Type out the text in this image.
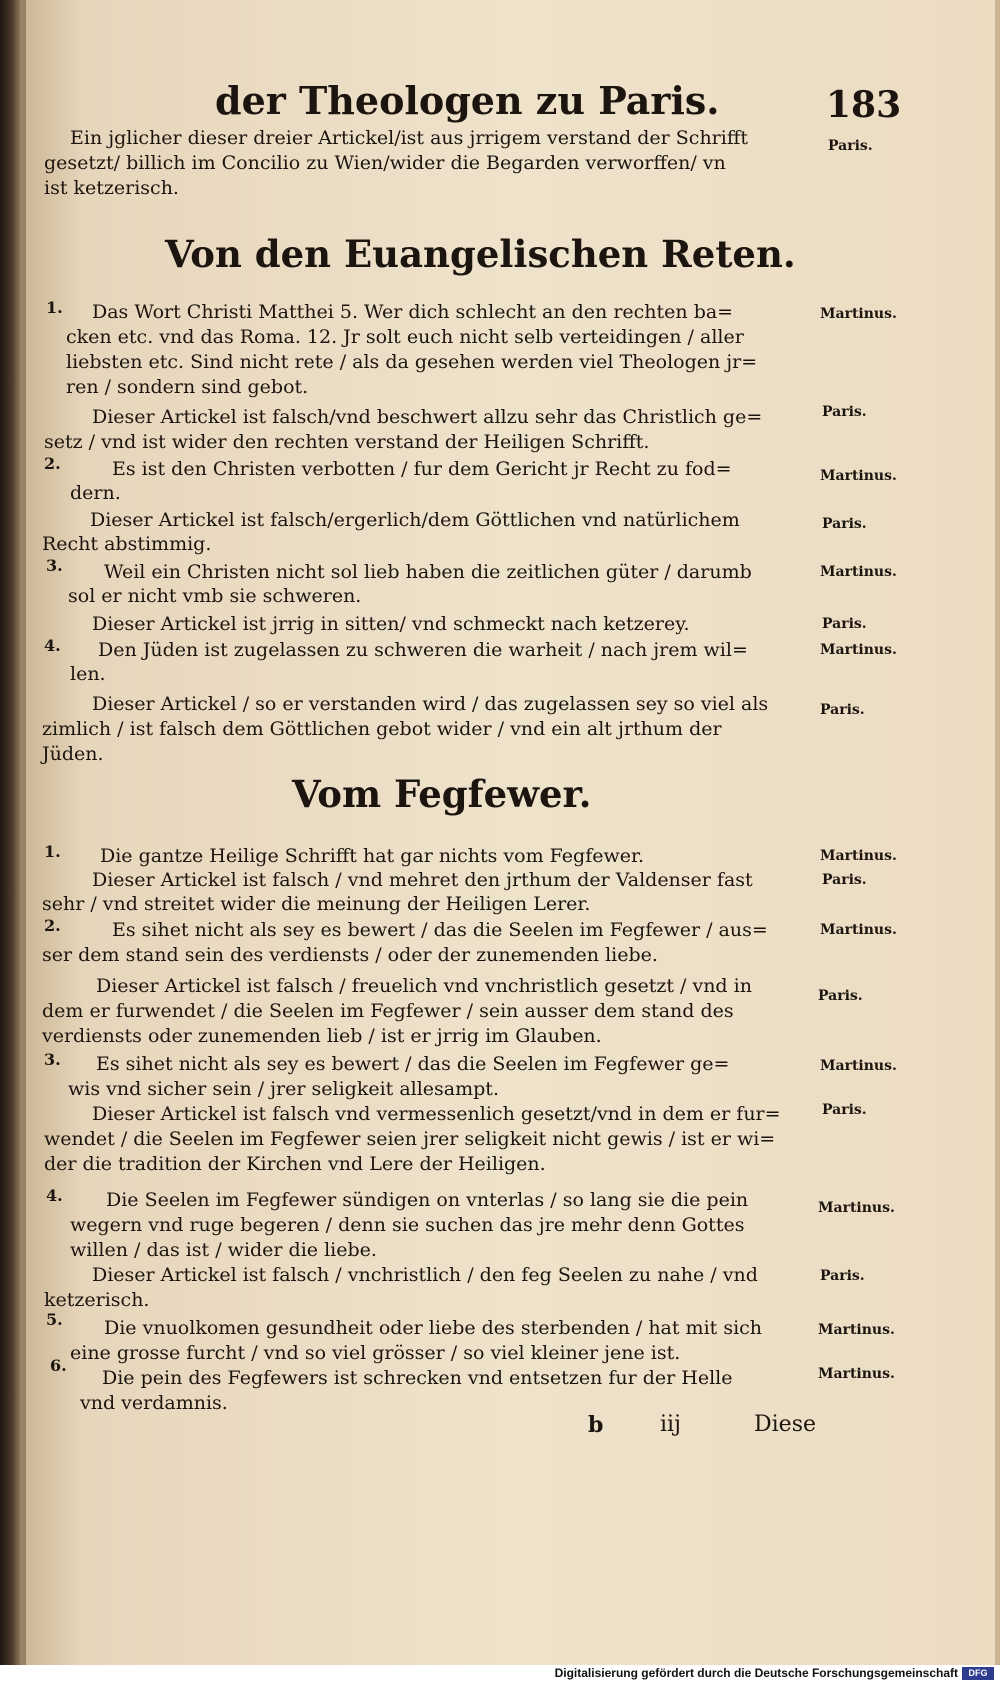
der Theologen zu Paris.	183
Ein jglicher dieser dreier Artickel/ist aus jrrigem verstand der Schrifft
gesetzt/ billich im Concilio zu Wien/wider die Begarden verworffen/ vn
ist ketzerisch.
Paris.
Von den Euangelischen Reten.
1. Das Wort Christi Mattheі 5. Wer dich schlecht an den rechten ba=
cken etc. vnd das Roma. 12. Jr solt euch nicht selb verteidingen / aller
liebsten etc. Sind nicht rete / als da gesehen werden viel Theologen jr=
ren / sondern sind gebot.
Martinus.
Dieser Artickel ist falsch/vnd beschwert allzu sehr das Christlich ge=
setz / vnd ist wider den rechten verstand der Heiligen Schrifft.
Paris.
2.	Es ist den Christen verbotten / fur dem Gericht jr Recht zu fod=
dern.
Martinus.
Dieser Artickel ist falsch/ergerlich/dem Göttlichen vnd natürlichem
Recht abstimmig.
Paris.
3. Weil ein Christen nicht sol lieb haben die zeitlichen güter / darumb
sol er nicht vmb sie schweren.
Martinus.
Dieser Artickel ist jrrig in sitten/ vnd schmeckt nach ketzerey.	Paris.
4. Den Jüden ist zugelassen zu schweren die warheit / nach jrem wil=
len.
Martinus.
Dieser Artickel / so er verstanden wird / das zugelassen sey so viel als
zimlich / ist falsch dem Göttlichen gebot wider / vnd ein alt jrthum der
Jüden.
Paris.
Vom Fegfewer.
1. Die gantze Heilige Schrifft hat gar nichts vom Fegfewer.	Martinus.
Dieser Artickel ist falsch / vnd mehret den jrthum der Valdenser fast
sehr / vnd streitet wider die meinung der Heiligen Lerer.
Paris.
2.	Es sihet nicht als sey es bewert / das die Seelen im Fegfewer / aus=
ser dem stand sein des verdiensts / oder der zunemenden liebe.
Martinus.
Dieser Artickel ist falsch / freuelich vnd vnchristlich gesetzt / vnd in
dem er furwendet / die Seelen im Fegfewer / sein ausser dem stand des
verdiensts oder zunemenden lieb / ist er jrrig im Glauben.
Paris.
3. Es sihet nicht als sey es bewert / das die Seelen im Fegfewer ge=
wis vnd sicher sein / jrer seligkeit allesampt.
Martinus.
Dieser Artickel ist falsch vnd vermessenlich gesetzt/vnd in dem er fur=
wendet / die Seelen im Fegfewer seien jrer seligkeit nicht gewis / ist er wi=
der die tradition der Kirchen vnd Lere der Heiligen.
Paris.
4. Die Seelen im Fegfewer sündigen on vnterlas / so lang sie die pein
wegern vnd ruge begeren / denn sie suchen das jre mehr denn Gottes
willen / das ist / wider die liebe.
Martinus.
Dieser Artickel ist falsch / vnchristlich / den feg Seelen zu nahe / vnd
ketzerisch.
Paris.
5. Die vnuolkomen gesundheit oder liebe des sterbenden / hat mit sich
eine grosse furcht / vnd so viel grösser / so viel kleiner jene ist.
Martinus.
6.
Die pein des Fegfewers ist schrecken vnd entsetzen fur der Helle
vnd verdamnis.
Martinus.
b	iij	Diese
Digitalisierung gefördert durch die Deutsche Forschungsgemeinschaft	DFG
